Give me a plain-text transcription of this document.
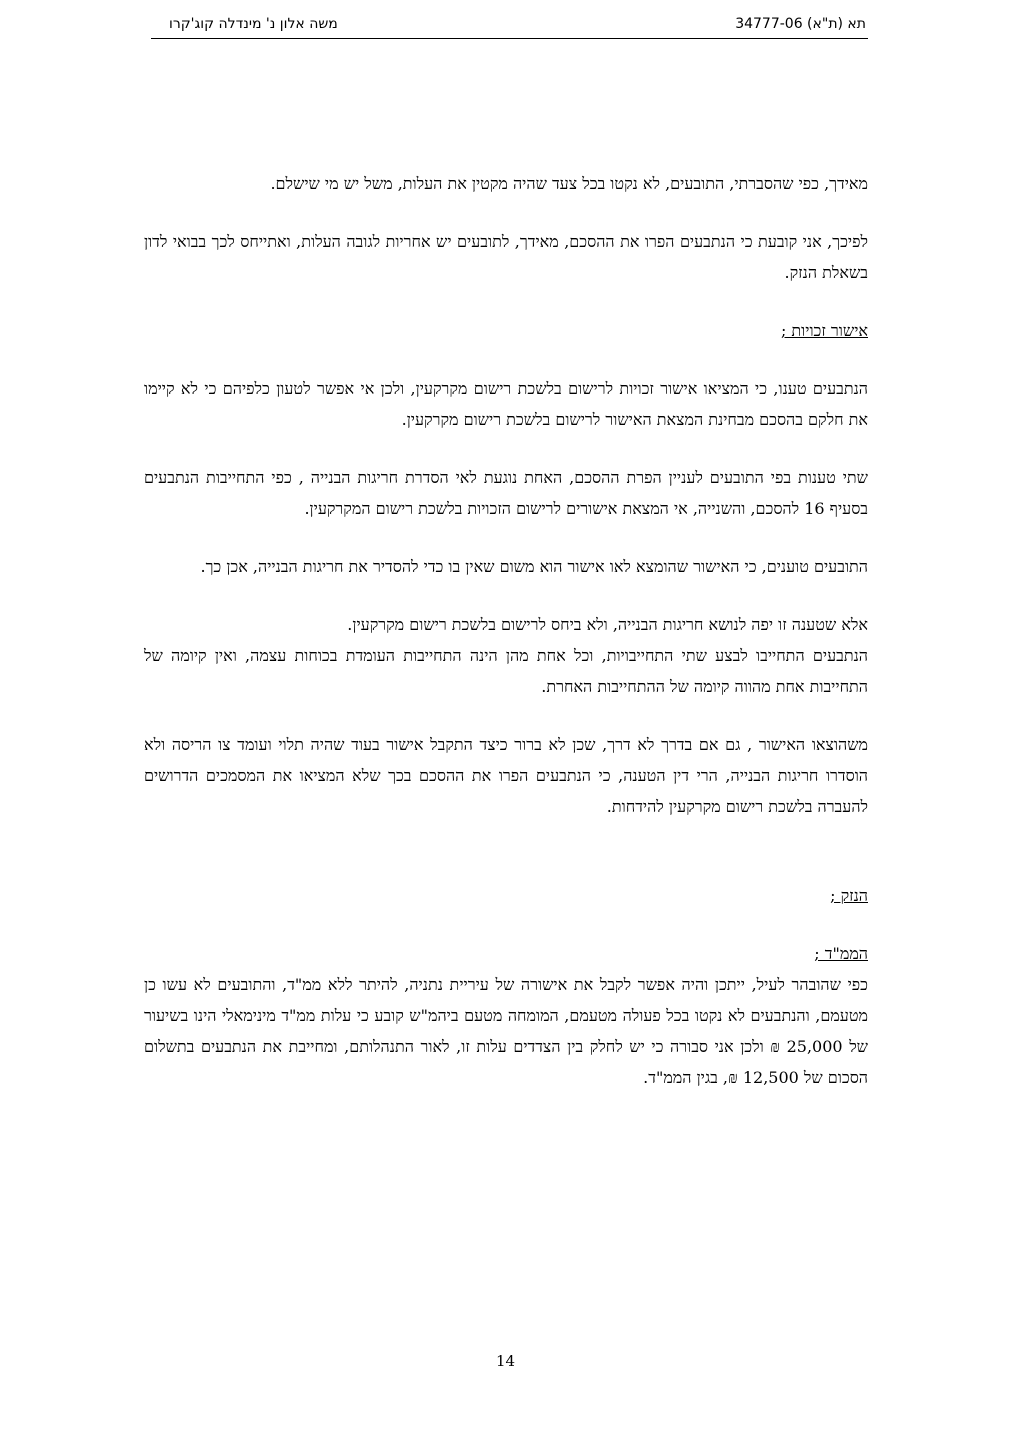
תא (ת"א) 34777-06
משה אלון נ' מינדלה קוג'קרו

מאידך, כפי שהסברתי, התובעים, לא נקטו בכל צעד שהיה מקטין את העלות, משל יש מי שישלם.

לפיכך, אני קובעת כי הנתבעים הפרו את ההסכם, מאידך, לתובעים יש אחריות לגובה העלות, ואתייחס לכך בבואי לדון בשאלת הנזק.

אישור זכויות ;

הנתבעים טענו, כי המציאו אישור זכויות לרישום בלשכת רישום מקרקעין, ולכן אי אפשר לטעון כלפיהם כי לא קיימו את חלקם בהסכם מבחינת המצאת האישור לרישום בלשכת רישום מקרקעין.

שתי טענות בפי התובעים לעניין הפרת ההסכם, האחת נוגעת לאי הסדרת חריגות הבנייה , כפי התחייבות הנתבעים בסעיף 16 להסכם, והשנייה, אי המצאת אישורים לרישום הזכויות בלשכת רישום המקרקעין.

התובעים טוענים, כי האישור שהומצא לאו אישור הוא משום שאין בו כדי להסדיר את חריגות הבנייה, אכן כך.

אלא שטענה זו יפה לנושא חריגות הבנייה, ולא ביחס לרישום בלשכת רישום מקרקעין.

הנתבעים התחייבו לבצע שתי התחייבויות, וכל אחת מהן הינה התחייבות העומדת בכוחות עצמה, ואין קיומה של התחייבות אחת מהווה קיומה של ההתחייבות האחרת.

משהוצאו האישור , גם אם בדרך לא דרך, שכן לא ברור כיצד התקבל אישור בעוד שהיה תלוי ועומד צו הריסה ולא הוסדרו חריגות הבנייה, הרי דין הטענה, כי הנתבעים הפרו את ההסכם בכך שלא המציאו את המסמכים הדרושים להעברה בלשכת רישום מקרקעין להידחות.

הנזק ;

הממ"ד ;

כפי שהובהר לעיל, ייתכן והיה אפשר לקבל את אישורה של עיריית נתניה, להיתר ללא ממ"ד, והתובעים לא עשו כן מטעמם, והנתבעים לא נקטו בכל פעולה מטעמם, המומחה מטעם ביהמ"ש קובע כי עלות ממ"ד מינימאלי הינו בשיעור של 25,000 ₪ ולכן אני סבורה כי יש לחלק בין הצדדים עלות זו, לאור התנהלותם, ומחייבת את הנתבעים בתשלום הסכום של 12,500 ₪, בגין הממ"ד.

14
